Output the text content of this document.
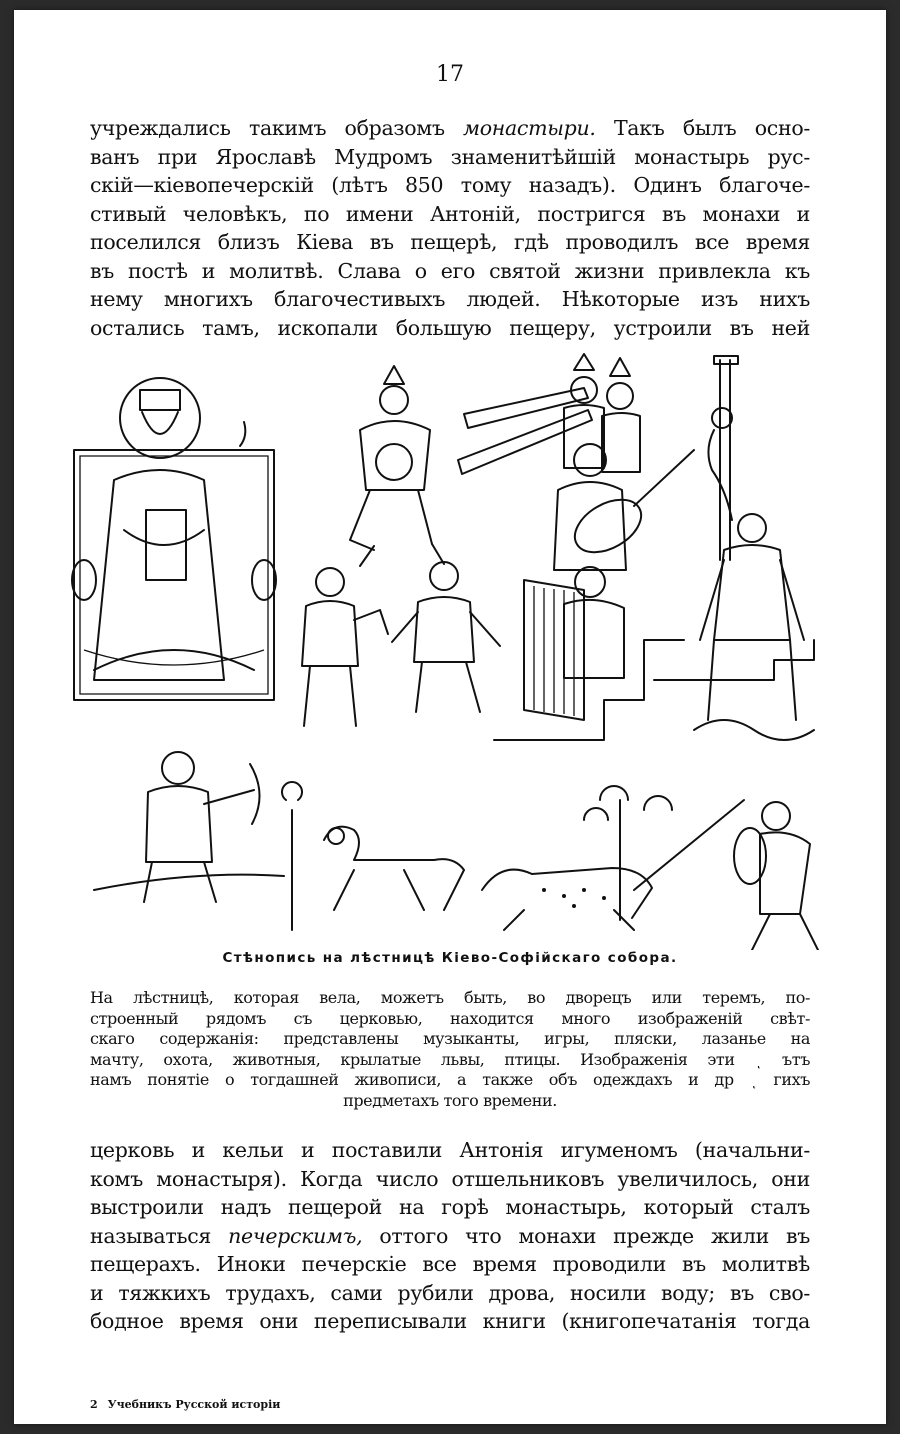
17
учреждались такимъ образомъ монастыри. Такъ былъ осно-
ванъ при Ярославѣ Мудромъ знаменитѣйшiй монастырь рус-
скiй—кiевопечерскiй (лѣтъ 850 тому назадъ). Одинъ благоче-
стивый человѣкъ, по имени Антонiй, постригся въ монахи и
поселился близъ Кiева въ пещерѣ, гдѣ проводилъ все время
въ постѣ и молитвѣ. Слава о его святой жизни привлекла къ
нему многихъ благочестивыхъ людей. Нѣкоторые изъ нихъ
остались тамъ, ископали большую пещеру, устроили въ ней
Стѣнопись на лѣстницѣ Кiево-Софiйскаго собора.
На лѣстницѣ, которая вела, можетъ быть, во дворецъ или теремъ, по-
строенный рядомъ съ церковью, находится много изображенiй свѣт-
скаго содержанiя: представлены музыканты, игры, пляски, лазанье на
мачту, охота, животныя, крылатые львы, птицы. Изображенiя эти ͺ ътъ
намъ понятiе о тогдашней живописи, а также объ одеждахъ и др ͺ гихъ
предметахъ того времени.
церковь и кельи и поставили Антонiя игуменомъ (начальни-
комъ монастыря). Когда число отшельниковъ увеличилось, они
выстроили надъ пещерой на горѣ монастырь, который сталъ
называться печерскимъ, оттого что монахи прежде жили въ
пещерахъ. Иноки печерскiе все время проводили въ молитвѣ
и тяжкихъ трудахъ, сами рубили дрова, носили воду; въ сво-
бодное время они переписывали книги (книгопечатанiя тогда
2 Учебникъ Русской исторiи
